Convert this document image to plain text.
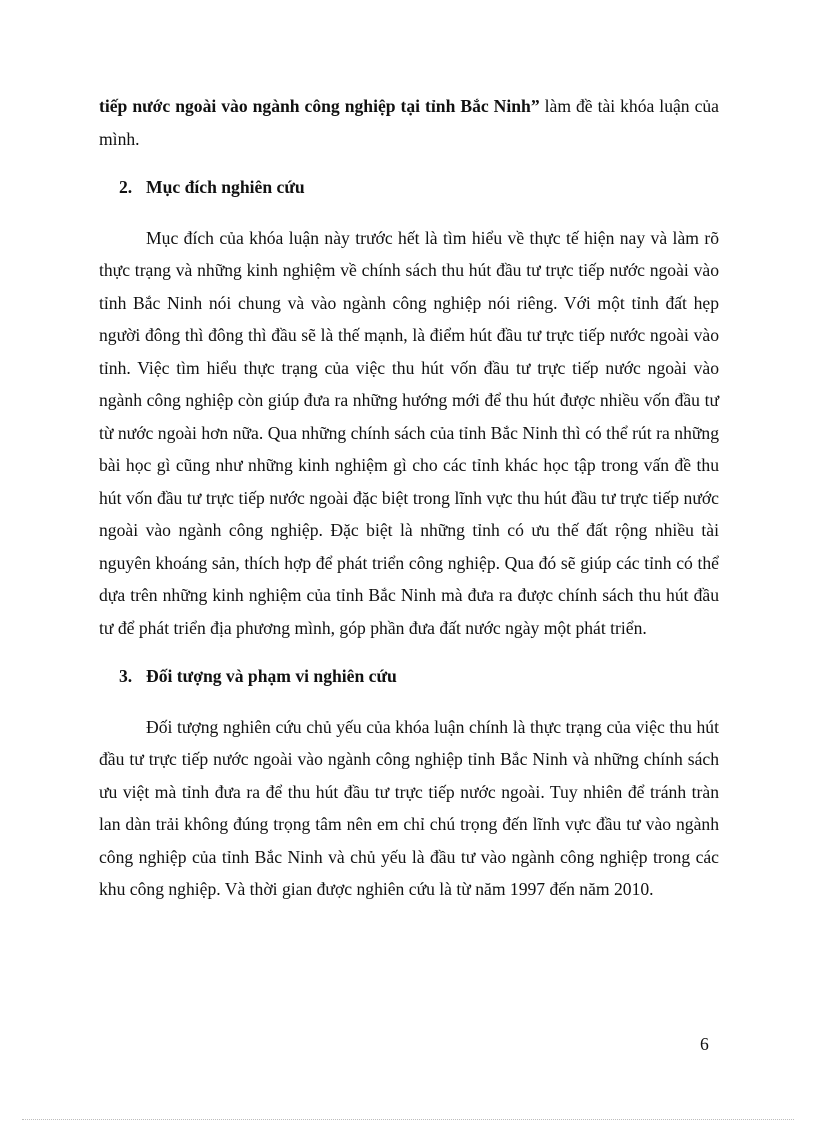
tiếp nước ngoài vào ngành công nghiệp tại tỉnh Bắc Ninh” làm đề tài khóa luận của mình.

2. Mục đích nghiên cứu

Mục đích của khóa luận này trước hết là tìm hiểu về thực tế hiện nay và làm rõ thực trạng và những kinh nghiệm về chính sách thu hút đầu tư trực tiếp nước ngoài vào tỉnh Bắc Ninh nói chung và vào ngành công nghiệp nói riêng. Với một tỉnh đất hẹp người đông thì đông thì đầu sẽ là thế mạnh, là điểm hút đầu tư trực tiếp nước ngoài vào tỉnh. Việc tìm hiểu thực trạng của việc thu hút vốn đầu tư trực tiếp nước ngoài vào ngành công nghiệp còn giúp đưa ra những hướng mới để thu hút được nhiều vốn đầu tư từ nước ngoài hơn nữa. Qua những chính sách của tỉnh Bắc Ninh thì có thể rút ra những bài học gì cũng như những kinh nghiệm gì cho các tỉnh khác học tập trong vấn đề thu hút vốn đầu tư trực tiếp nước ngoài đặc biệt trong lĩnh vực thu hút đầu tư trực tiếp nước ngoài vào ngành công nghiệp. Đặc biệt là những tỉnh có ưu thế đất rộng nhiều tài nguyên khoáng sản, thích hợp để phát triển công nghiệp. Qua đó sẽ giúp các tỉnh có thể dựa trên những kinh nghiệm của tỉnh Bắc Ninh mà đưa ra được chính sách thu hút đầu tư để phát triển địa phương mình, góp phần đưa đất nước ngày một phát triển.

3. Đối tượng và phạm vi nghiên cứu

Đối tượng nghiên cứu chủ yếu của khóa luận chính là thực trạng của việc thu hút đầu tư trực tiếp nước ngoài vào ngành công nghiệp tỉnh Bắc Ninh và những chính sách ưu việt mà tỉnh đưa ra để thu hút đầu tư trực tiếp nước ngoài. Tuy nhiên để tránh tràn lan dàn trải không đúng trọng tâm nên em chỉ chú trọng đến lĩnh vực đầu tư vào ngành công nghiệp của tỉnh Bắc Ninh và chủ yếu là đầu tư vào ngành công nghiệp trong các khu công nghiệp. Và thời gian được nghiên cứu là từ năm 1997 đến năm 2010.

6
